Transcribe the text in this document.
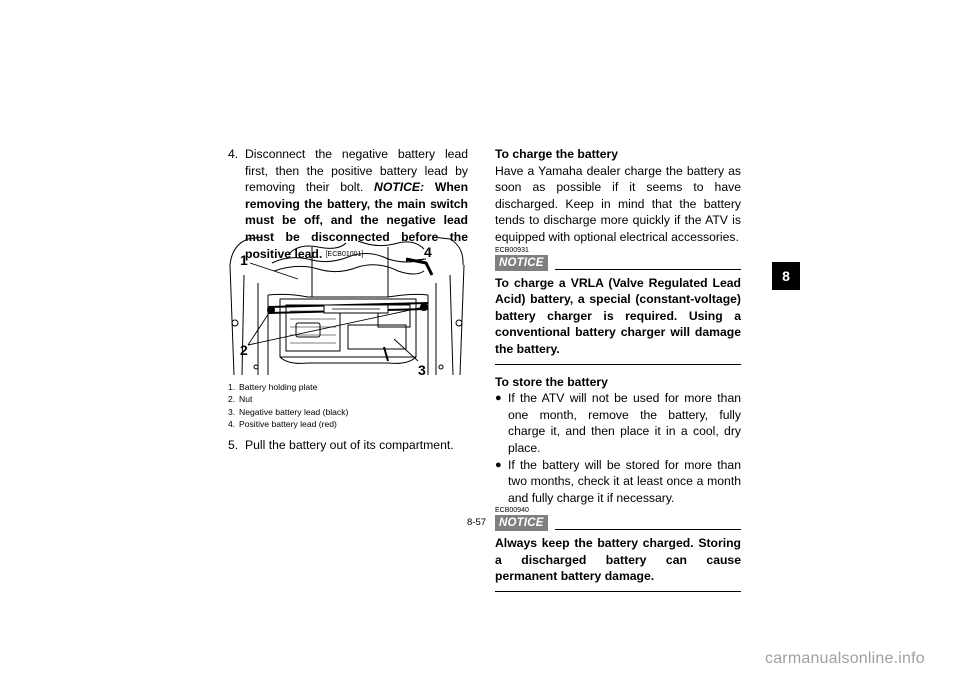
4. Disconnect the negative battery lead first, then the positive battery lead by removing their bolt. NOTICE: When removing the battery, the main switch must be off, and the negative lead must be disconnected before the positive lead. [ECB01001]
1
2
3
4
1. Battery holding plate
2. Nut
3. Negative battery lead (black)
4. Positive battery lead (red)
5. Pull the battery out of its compartment.
To charge the battery
Have a Yamaha dealer charge the battery as soon as possible if it seems to have discharged. Keep in mind that the battery tends to discharge more quickly if the ATV is equipped with optional electrical accessories.
ECB00931
NOTICE
To charge a VRLA (Valve Regulated Lead Acid) battery, a special (constant-voltage) battery charger is required. Using a conventional battery charger will damage the battery.
To store the battery
● If the ATV will not be used for more than one month, remove the battery, fully charge it, and then place it in a cool, dry place.
● If the battery will be stored for more than two months, check it at least once a month and fully charge it if necessary.
ECB00940
NOTICE
Always keep the battery charged. Storing a discharged battery can cause permanent battery damage.
8
8-57
carmanualsonline.info
